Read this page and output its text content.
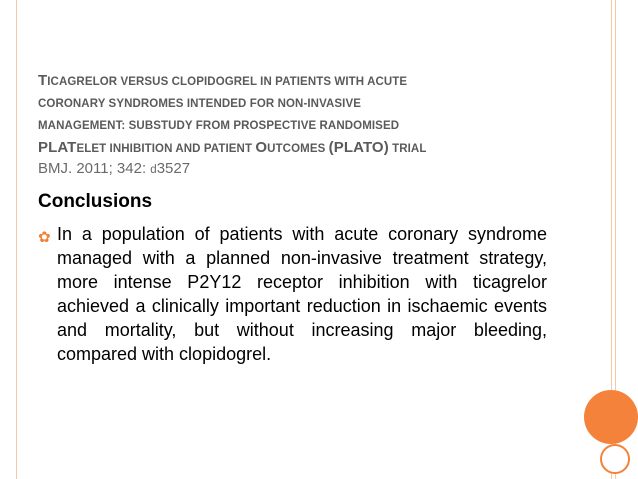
TICAGRELOR VERSUS CLOPIDOGREL IN PATIENTS WITH ACUTE
CORONARY SYNDROMES INTENDED FOR NON-INVASIVE
MANAGEMENT: SUBSTUDY FROM PROSPECTIVE RANDOMISED
PLATELET INHIBITION AND PATIENT OUTCOMES (PLATO) TRIAL
BMJ. 2011; 342: d3527
Conclusions
✿ In a population of patients with acute coronary syndrome managed with a planned non-invasive treatment strategy, more intense P2Y12 receptor inhibition with ticagrelor achieved a clinically important reduction in ischaemic events and mortality, but without increasing major bleeding, compared with clopidogrel.
